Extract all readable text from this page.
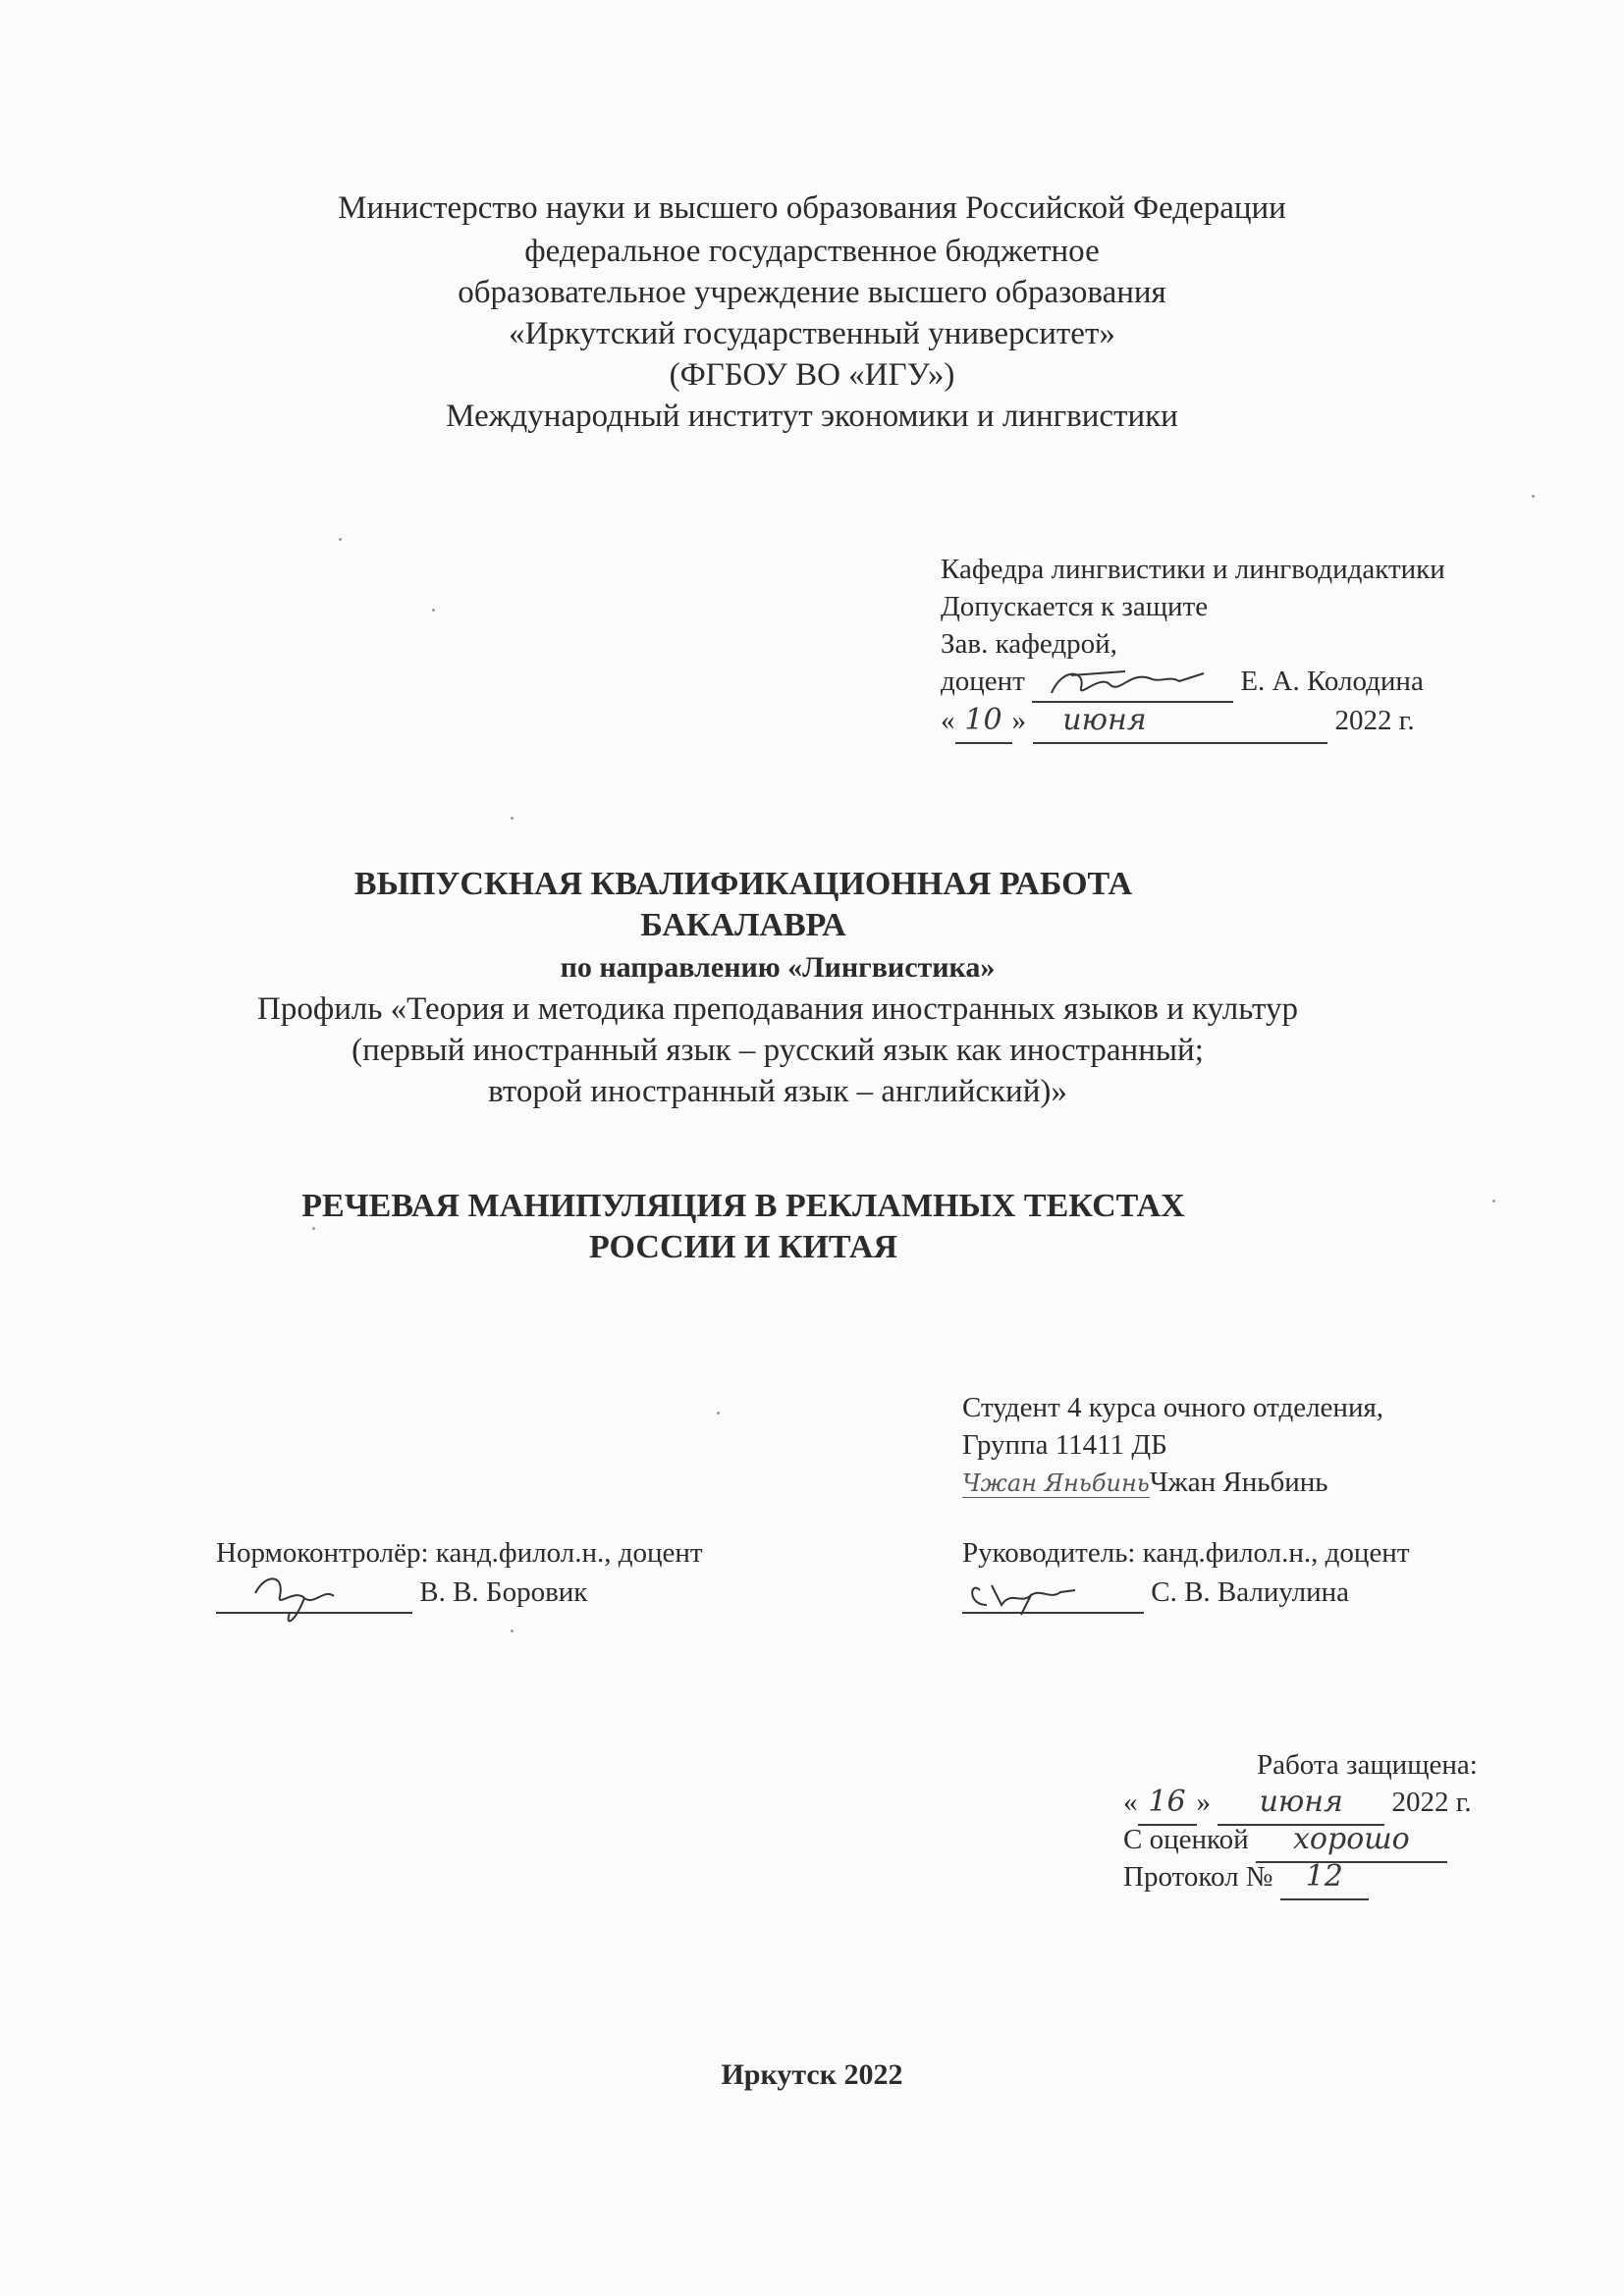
Министерство науки и высшего образования Российской Федерации
федеральное государственное бюджетное
образовательное учреждение высшего образования
«Иркутский государственный университет»
(ФГБОУ ВО «ИГУ»)
Международный институт экономики и лингвистики
Кафедра лингвистики и лингводидактики
Допускается к защите
Зав. кафедрой,
доцент	Е. А. Колодина
« 10 » июня	2022 г.
ВЫПУСКНАЯ КВАЛИФИКАЦИОННАЯ РАБОТА
БАКАЛАВРА
по направлению «Лингвистика»
Профиль «Теория и методика преподавания иностранных языков и культур
(первый иностранный язык – русский язык как иностранный;
второй иностранный язык – английский)»
РЕЧЕВАЯ МАНИПУЛЯЦИЯ В РЕКЛАМНЫХ ТЕКСТАХ
РОССИИ И КИТАЯ
Студент 4 курса очного отделения,
Группа 11411 ДБ
Чжан ЯньбиньЧжан Яньбинь
Нормоконтролёр: канд.филол.н., доцент
В. В. Боровик
Руководитель: канд.филол.н., доцент
С. В. Валиулина
Работа защищена:
« 16 » июня 2022 г.
С оценкой хорошо
Протокол № 12
Иркутск 2022
